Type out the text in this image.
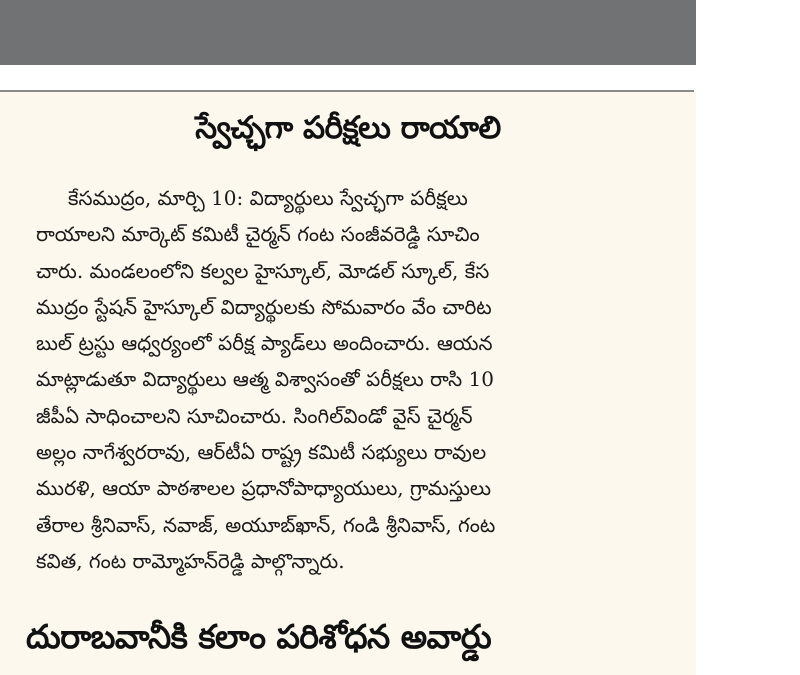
స్వేచ్ఛగా పరీక్షలు రాయాలి
కేసముద్రం, మార్చి 10: విద్యార్థులు స్వేచ్ఛగా పరీక్షలు
రాయాలని మార్కెట్ కమిటీ చైర్మన్ గంట సంజీవరెడ్డి సూచిం
చారు. మండలంలోని కల్వల హైస్కూల్, మోడల్ స్కూల్, కేస
ముద్రం స్టేషన్ హైస్కూల్ విద్యార్థులకు సోమవారం వేం చారిట
బుల్ ట్రస్టు ఆధ్వర్యంలో పరీక్ష ప్యాడ్‌లు అందించారు. ఆయన
మాట్లాడుతూ విద్యార్థులు ఆత్మ విశ్వాసంతో పరీక్షలు రాసి 10
జీపీఏ సాధించాలని సూచించారు. సింగిల్‌విండో వైస్ చైర్మన్
అల్లం నాగేశ్వరరావు, ఆర్‌టీఏ రాష్ట్ర కమిటీ సభ్యులు రావుల
మురళి, ఆయా పాఠశాలల ప్రధానోపాధ్యాయులు, గ్రామస్తులు
తేరాల శ్రీనివాస్, నవాజ్, అయూబ్‌ఖాన్, గండి శ్రీనివాస్, గంట
కవిత, గంట రామ్మోహన్‌రెడ్డి పాల్గొన్నారు.
దురాబవానీకి కలాం పరిశోధన అవార్డు
